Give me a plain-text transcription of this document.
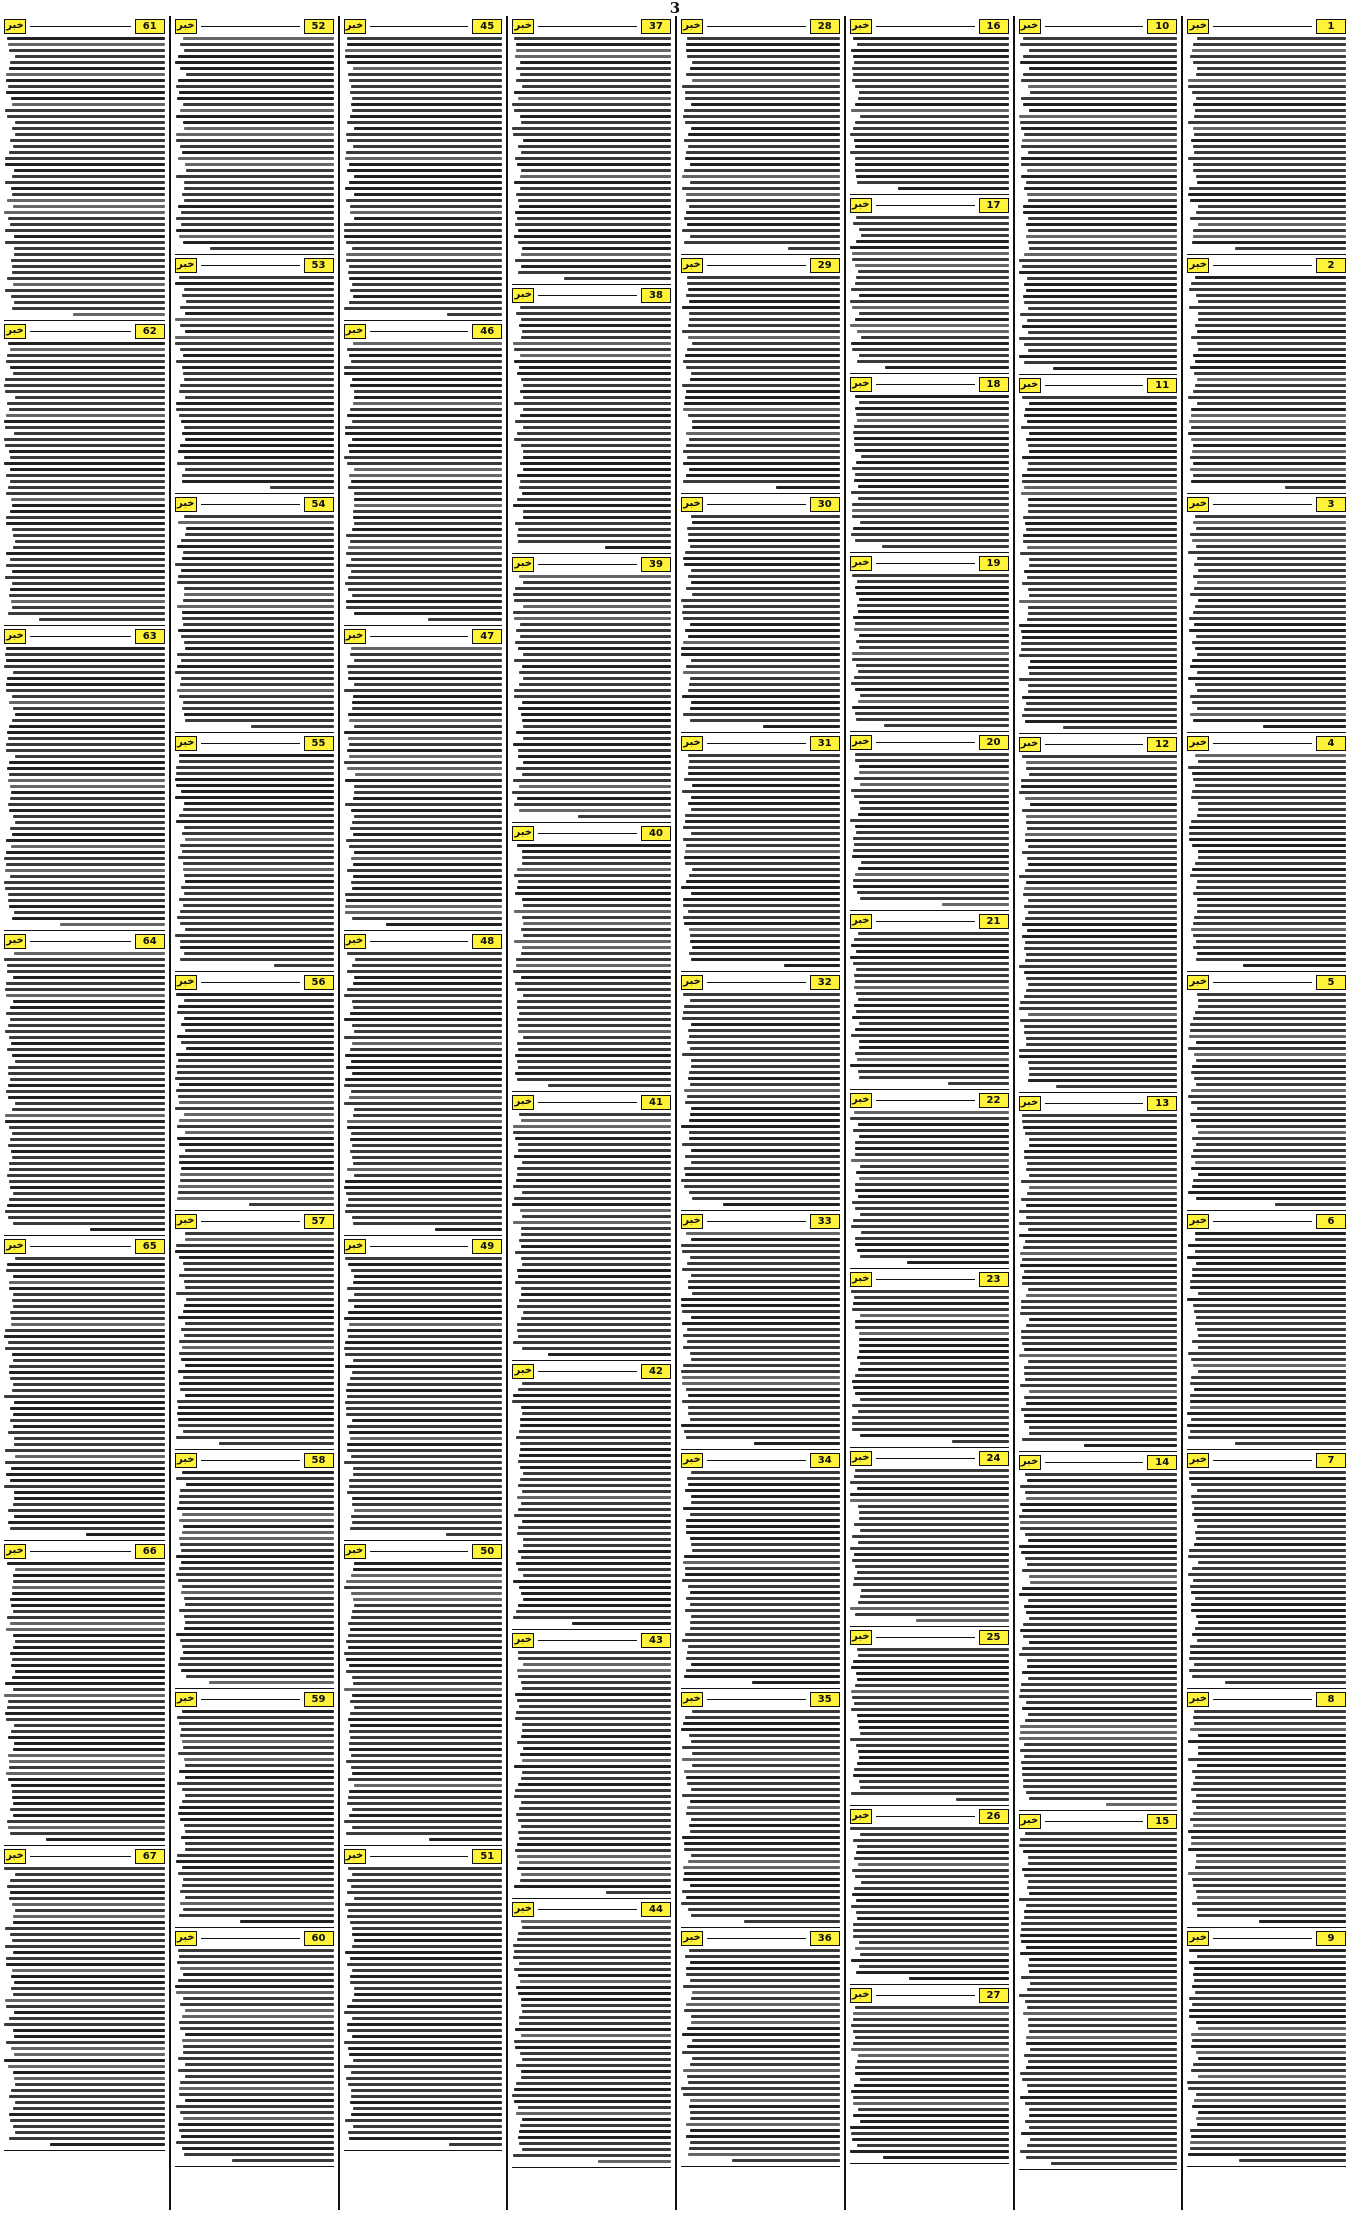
3
1
خبر
2
خبر
3
خبر
4
خبر
5
خبر
6
خبر
7
خبر
8
خبر
9
خبر
10
خبر
11
خبر
12
خبر
13
خبر
14
خبر
15
خبر
16
خبر
17
خبر
18
خبر
19
خبر
20
خبر
21
خبر
22
خبر
23
خبر
24
خبر
25
خبر
26
خبر
27
خبر
28
خبر
29
خبر
30
خبر
31
خبر
32
خبر
33
خبر
34
خبر
35
خبر
36
خبر
37
خبر
38
خبر
39
خبر
40
خبر
41
خبر
42
خبر
43
خبر
44
خبر
45
خبر
46
خبر
47
خبر
48
خبر
49
خبر
50
خبر
51
خبر
52
خبر
53
خبر
54
خبر
55
خبر
56
خبر
57
خبر
58
خبر
59
خبر
60
خبر
61
خبر
62
خبر
63
خبر
64
خبر
65
خبر
66
خبر
67
خبر
